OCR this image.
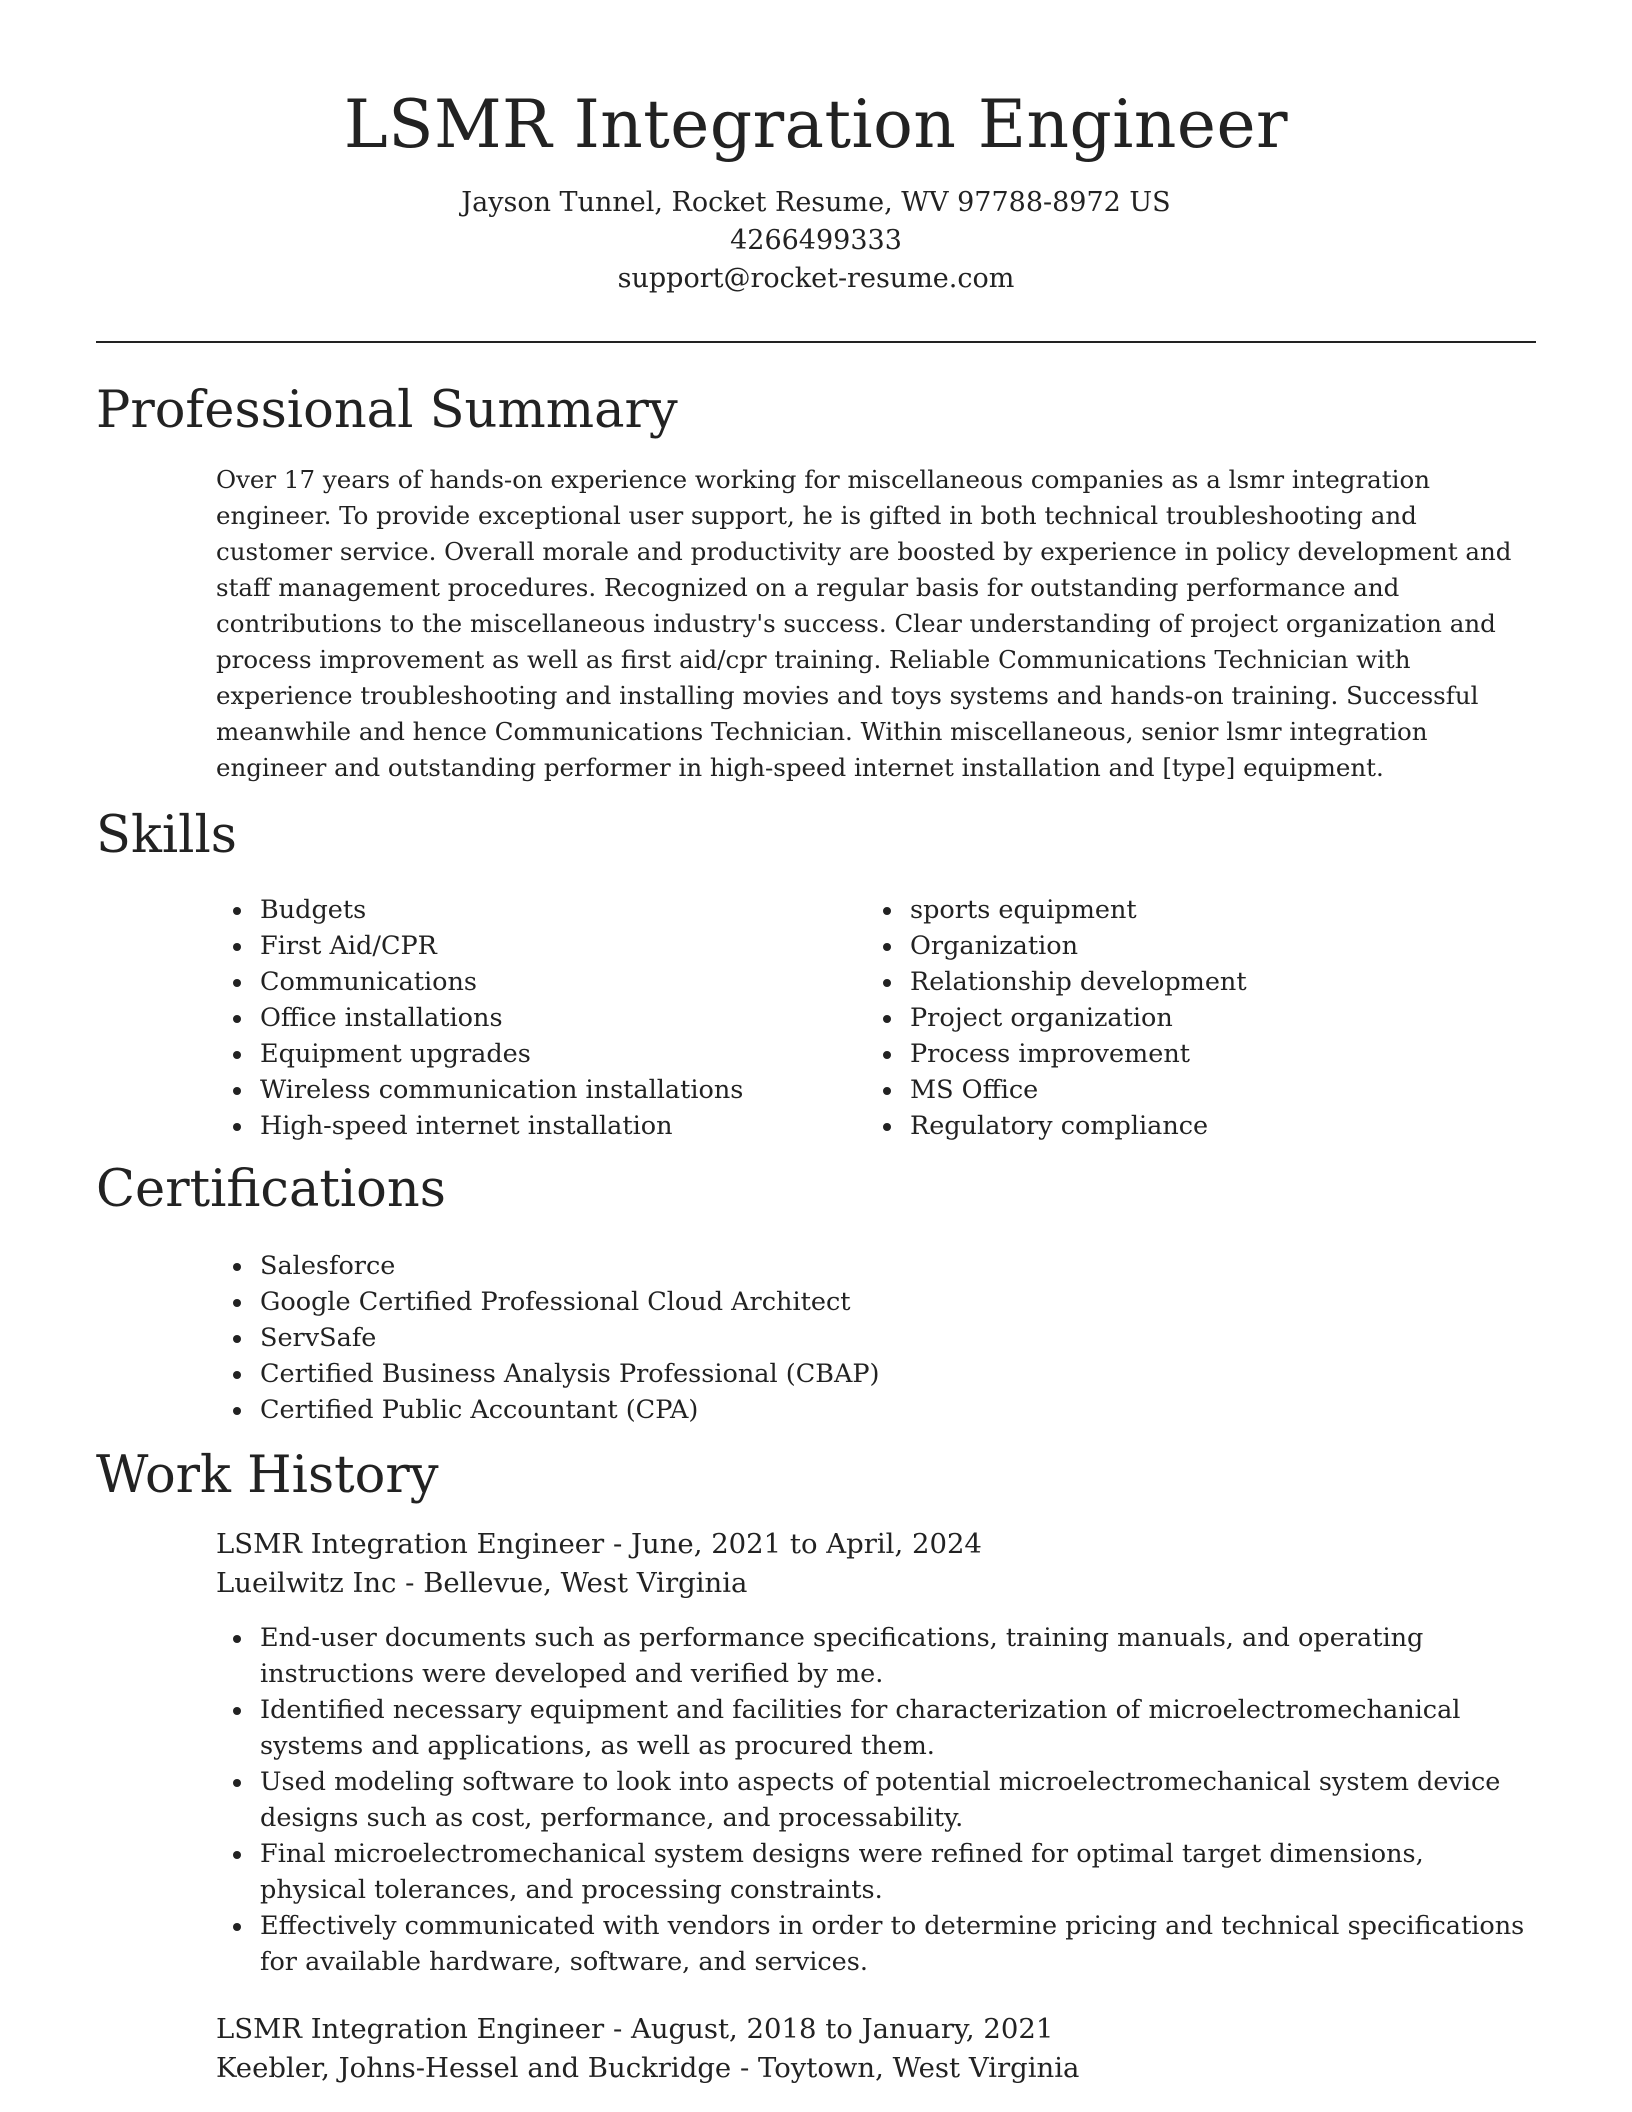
LSMR Integration Engineer
Jayson Tunnel, Rocket Resume, WV 97788-8972 US
4266499333
support@rocket-resume.com
Professional Summary

Over 17 years of hands-on experience working for miscellaneous companies as a lsmr integration engineer. To provide exceptional user support, he is gifted in both technical troubleshooting and customer service. Overall morale and productivity are boosted by experience in policy development and staff management procedures. Recognized on a regular basis for outstanding performance and contributions to the miscellaneous industry's success. Clear understanding of project organization and process improvement as well as first aid/cpr training. Reliable Communications Technician with experience troubleshooting and installing movies and toys systems and hands-on training. Successful meanwhile and hence Communications Technician. Within miscellaneous, senior lsmr integration engineer and outstanding performer in high-speed internet installation and [type] equipment.

Skills
Budgets
First Aid/CPR
Communications
Office installations
Equipment upgrades
Wireless communication installations
High-speed internet installation
sports equipment
Organization
Relationship development
Project organization
Process improvement
MS Office
Regulatory compliance
Certifications
Salesforce
Google Certified Professional Cloud Architect
ServSafe
Certified Business Analysis Professional (CBAP)
Certified Public Accountant (CPA)
Work History
LSMR Integration Engineer - June, 2021 to April, 2024
Lueilwitz Inc - Bellevue, West Virginia
End-user documents such as performance specifications, training manuals, and operating instructions were developed and verified by me.
Identified necessary equipment and facilities for characterization of microelectromechanical systems and applications, as well as procured them.
Used modeling software to look into aspects of potential microelectromechanical system device designs such as cost, performance, and processability.
Final microelectromechanical system designs were refined for optimal target dimensions, physical tolerances, and processing constraints.
Effectively communicated with vendors in order to determine pricing and technical specifications for available hardware, software, and services.
LSMR Integration Engineer - August, 2018 to January, 2021
Keebler, Johns-Hessel and Buckridge - Toytown, West Virginia
